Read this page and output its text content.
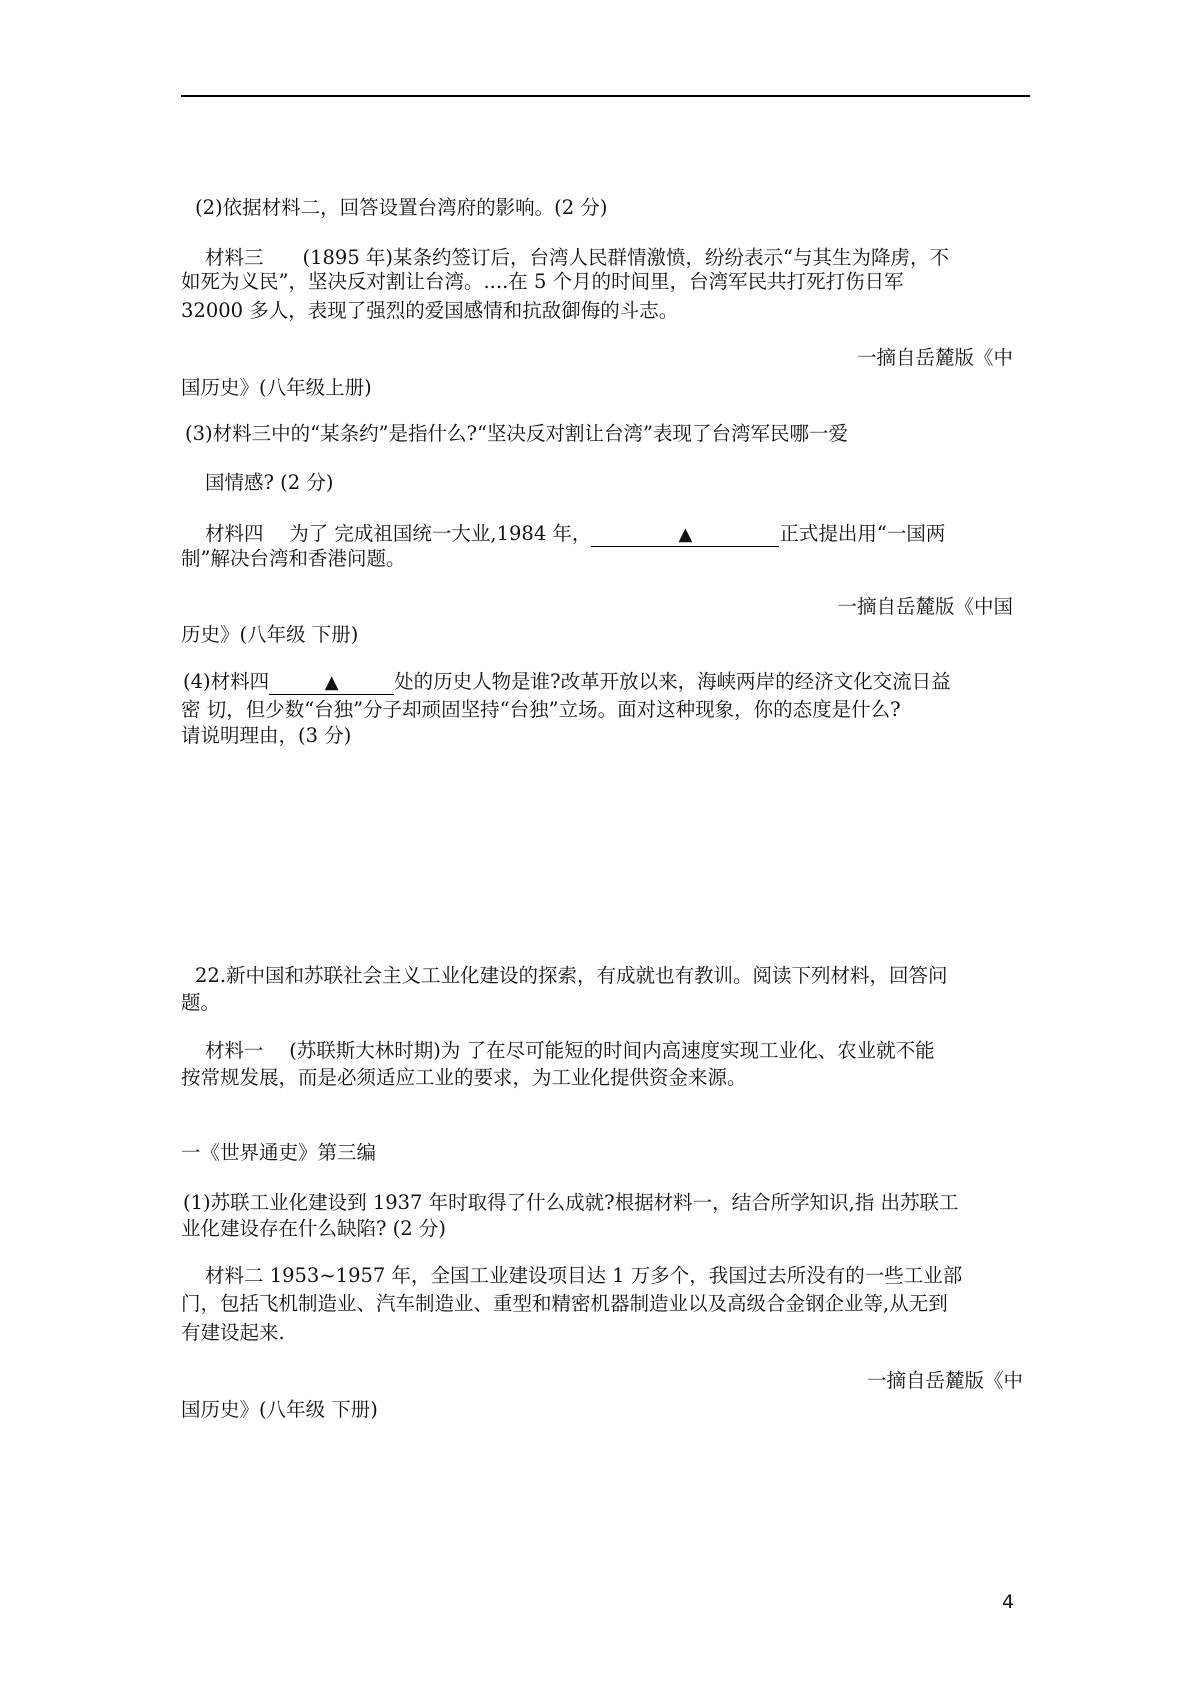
(2)依据材料二，回答设置台湾府的影响。(2 分)
材料三　　(1895 年)某条约签订后，台湾人民群情激愤，纷纷表示“与其生为降虏，不
如死为义民”，坚决反对割让台湾。....在 5 个月的时间里，台湾军民共打死打伤日军
32000 多人，表现了强烈的爱国感情和抗敌御侮的斗志。
一摘自岳麓版《中
国历史》(八年级上册)
(3)材料三中的“某条约”是指什么?“坚决反对割让台湾”表现了台湾军民哪一爱
国情感? (2 分)
材料四　 为了 完成祖国统一大业,1984 年，	▲	正式提出用“一国两
制”解决台湾和香港问题。
一摘自岳麓版《中国
历史》(八年级 下册)
(4)材料四	▲	处的历史人物是谁?改革开放以来，海峡两岸的经济文化交流日益
密 切，但少数“台独”分子却顽固坚持“台独”立场。面对这种现象，你的态度是什么?
请说明理由，(3 分)
22.新中国和苏联社会主义工业化建设的探索，有成就也有教训。阅读下列材料，回答问
题。
材料一　 (苏联斯大林时期)为 了在尽可能短的时间内高速度实现工业化、农业就不能
按常规发展，而是必须适应工业的要求，为工业化提供资金来源。
一《世界通吏》第三编
(1)苏联工业化建设到 1937 年时取得了什么成就?根据材料一，结合所学知识,指 出苏联工
业化建设存在什么缺陷? (2 分)
材料二 1953~1957 年，全国工业建设项目达 1 万多个，我国过去所没有的一些工业部
门，包括飞机制造业、汽车制造业、重型和精密机器制造业以及高级合金钢企业等,从无到
有建设起来.
一摘自岳麓版《中
国历史》(八年级 下册)
4
